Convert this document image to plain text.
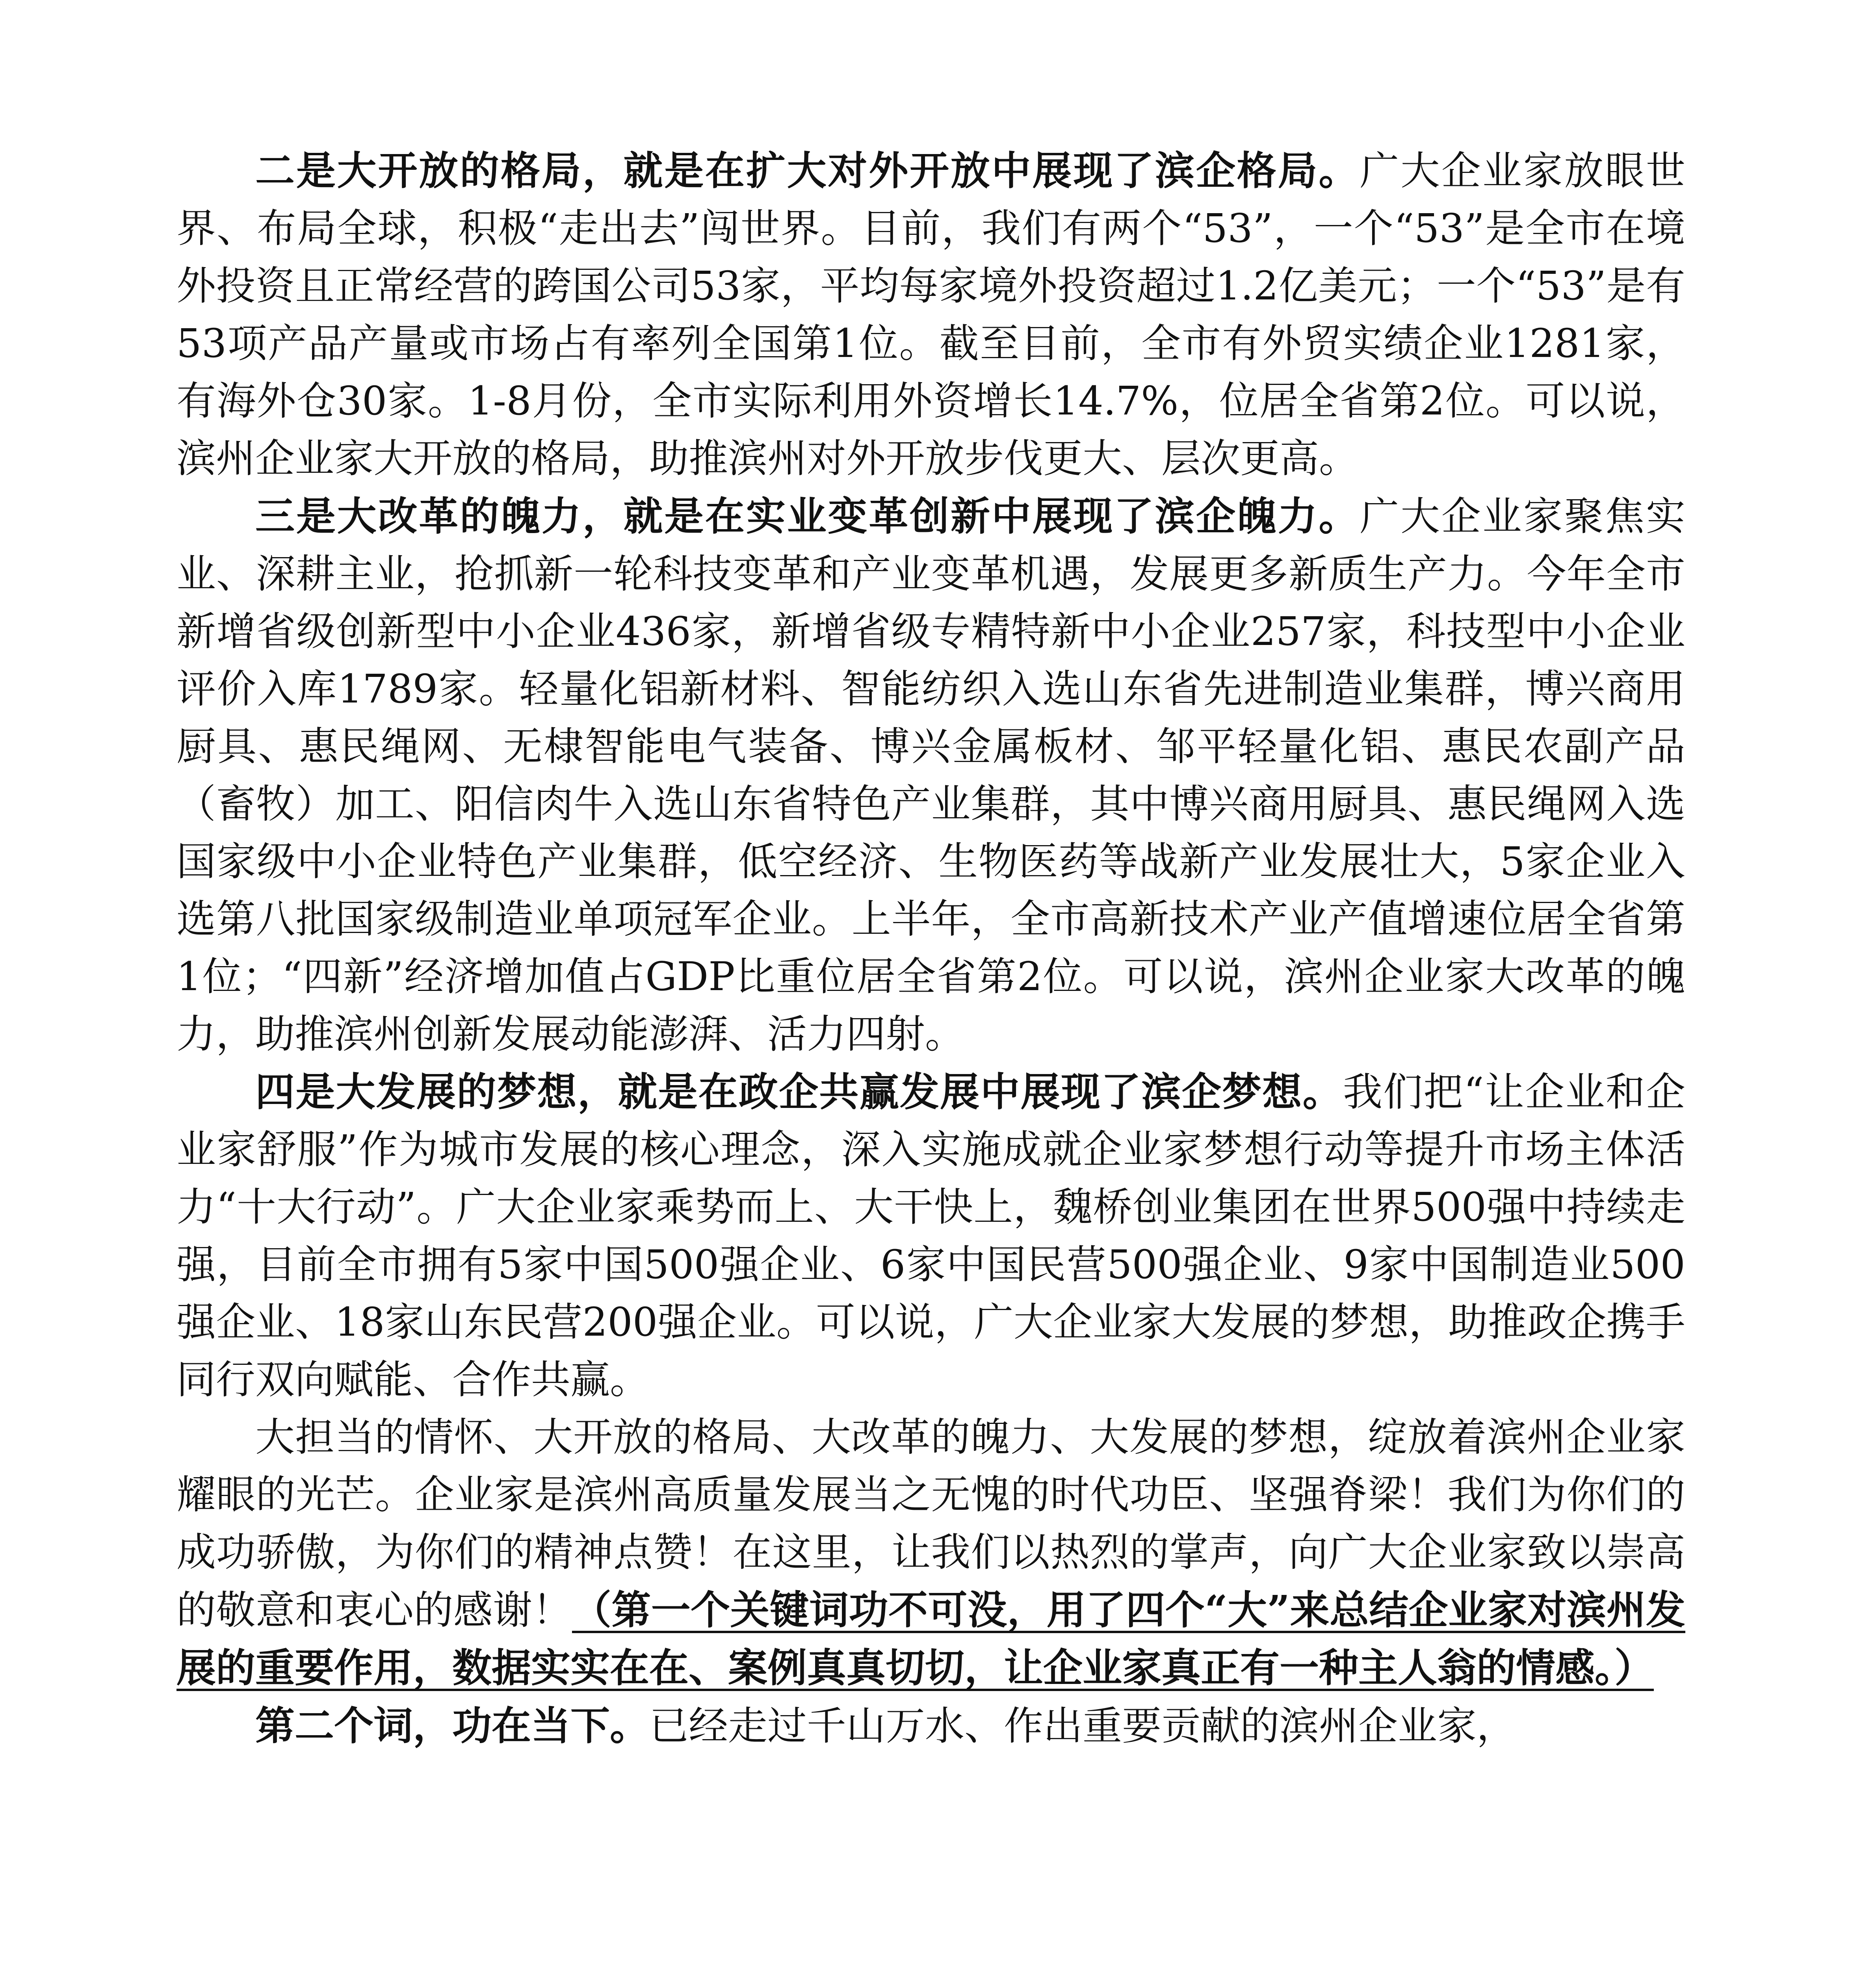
二是大开放的格局，就是在扩大对外开放中展现了滨企格局。广大企业家放眼世界、布局全球，积极“走出去”闯世界。目前，我们有两个“53”，一个“53”是全市在境外投资且正常经营的跨国公司53家，平均每家境外投资超过1.2亿美元；一个“53”是有53项产品产量或市场占有率列全国第1位。截至目前，全市有外贸实绩企业1281家，有海外仓30家。1-8月份，全市实际利用外资增长14.7%，位居全省第2位。可以说，滨州企业家大开放的格局，助推滨州对外开放步伐更大、层次更高。

三是大改革的魄力，就是在实业变革创新中展现了滨企魄力。广大企业家聚焦实业、深耕主业，抢抓新一轮科技变革和产业变革机遇，发展更多新质生产力。今年全市新增省级创新型中小企业436家，新增省级专精特新中小企业257家，科技型中小企业评价入库1789家。轻量化铝新材料、智能纺织入选山东省先进制造业集群，博兴商用厨具、惠民绳网、无棣智能电气装备、博兴金属板材、邹平轻量化铝、惠民农副产品（畜牧）加工、阳信肉牛入选山东省特色产业集群，其中博兴商用厨具、惠民绳网入选国家级中小企业特色产业集群，低空经济、生物医药等战新产业发展壮大，5家企业入选第八批国家级制造业单项冠军企业。上半年，全市高新技术产业产值增速位居全省第1位；“四新”经济增加值占GDP比重位居全省第2位。可以说，滨州企业家大改革的魄力，助推滨州创新发展动能澎湃、活力四射。

四是大发展的梦想，就是在政企共赢发展中展现了滨企梦想。我们把“让企业和企业家舒服”作为城市发展的核心理念，深入实施成就企业家梦想行动等提升市场主体活力“十大行动”。广大企业家乘势而上、大干快上，魏桥创业集团在世界500强中持续走强，目前全市拥有5家中国500强企业、6家中国民营500强企业、9家中国制造业500强企业、18家山东民营200强企业。可以说，广大企业家大发展的梦想，助推政企携手同行双向赋能、合作共赢。

大担当的情怀、大开放的格局、大改革的魄力、大发展的梦想，绽放着滨州企业家耀眼的光芒。企业家是滨州高质量发展当之无愧的时代功臣、坚强脊梁！我们为你们的成功骄傲，为你们的精神点赞！在这里，让我们以热烈的掌声，向广大企业家致以崇高的敬意和衷心的感谢！（第一个关键词功不可没，用了四个“大”来总结企业家对滨州发展的重要作用，数据实实在在、案例真真切切，让企业家真正有一种主人翁的情感。）

第二个词，功在当下。已经走过千山万水、作出重要贡献的滨州企业家，
